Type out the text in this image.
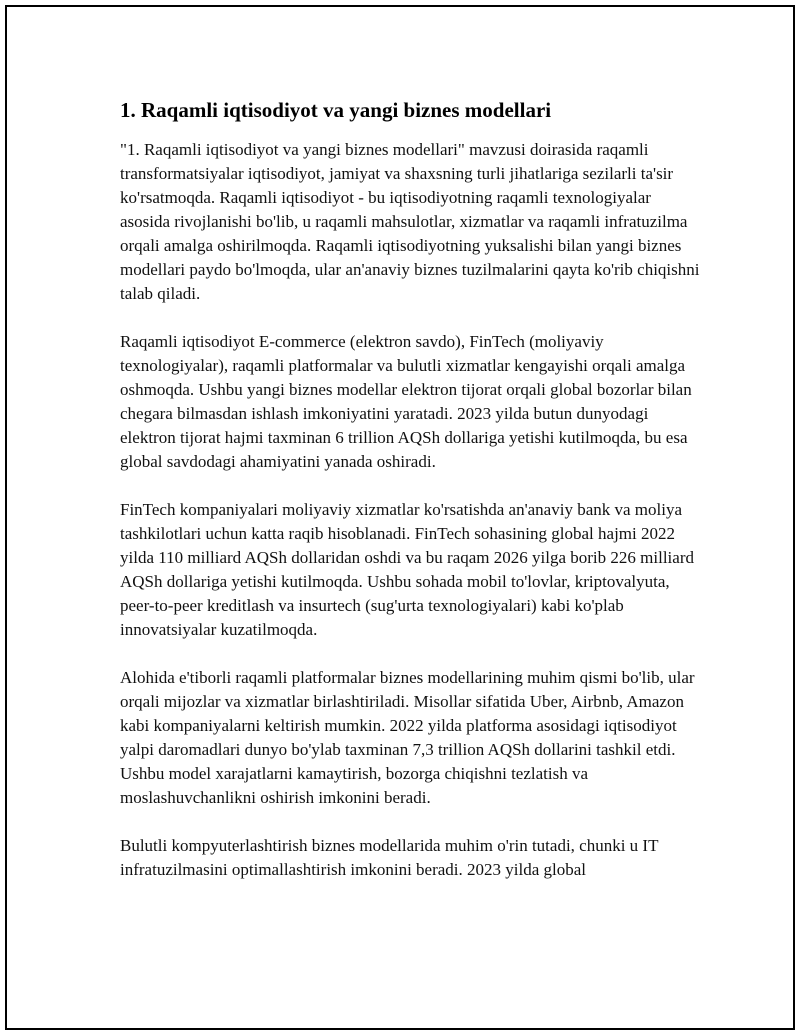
1. Raqamli iqtisodiyot va yangi biznes modellari

"1. Raqamli iqtisodiyot va yangi biznes modellari" mavzusi doirasida raqamli transformatsiyalar iqtisodiyot, jamiyat va shaxsning turli jihatlariga sezilarli ta'sir ko'rsatmoqda. Raqamli iqtisodiyot - bu iqtisodiyotning raqamli texnologiyalar asosida rivojlanishi bo'lib, u raqamli mahsulotlar, xizmatlar va raqamli infratuzilma orqali amalga oshirilmoqda. Raqamli iqtisodiyotning yuksalishi bilan yangi biznes modellari paydo bo'lmoqda, ular an'anaviy biznes tuzilmalarini qayta ko'rib chiqishni talab qiladi.

Raqamli iqtisodiyot E-commerce (elektron savdo), FinTech (moliyaviy texnologiyalar), raqamli platformalar va bulutli xizmatlar kengayishi orqali amalga oshmoqda. Ushbu yangi biznes modellar elektron tijorat orqali global bozorlar bilan chegara bilmasdan ishlash imkoniyatini yaratadi. 2023 yilda butun dunyodagi elektron tijorat hajmi taxminan 6 trillion AQSh dollariga yetishi kutilmoqda, bu esa global savdodagi ahamiyatini yanada oshiradi.

FinTech kompaniyalari moliyaviy xizmatlar ko'rsatishda an'anaviy bank va moliya tashkilotlari uchun katta raqib hisoblanadi. FinTech sohasining global hajmi 2022 yilda 110 milliard AQSh dollaridan oshdi va bu raqam 2026 yilga borib 226 milliard AQSh dollariga yetishi kutilmoqda. Ushbu sohada mobil to'lovlar, kriptovalyuta, peer-to-peer kreditlash va insurtech (sug'urta texnologiyalari) kabi ko'plab innovatsiyalar kuzatilmoqda.

Alohida e'tiborli raqamli platformalar biznes modellarining muhim qismi bo'lib, ular orqali mijozlar va xizmatlar birlashtiriladi. Misollar sifatida Uber, Airbnb, Amazon kabi kompaniyalarni keltirish mumkin. 2022 yilda platforma asosidagi iqtisodiyot yalpi daromadlari dunyo bo'ylab taxminan 7,3 trillion AQSh dollarini tashkil etdi. Ushbu model xarajatlarni kamaytirish, bozorga chiqishni tezlatish va moslashuvchanlikni oshirish imkonini beradi.

Bulutli kompyuterlashtirish biznes modellarida muhim o'rin tutadi, chunki u IT infratuzilmasini optimallashtirish imkonini beradi. 2023 yilda global
